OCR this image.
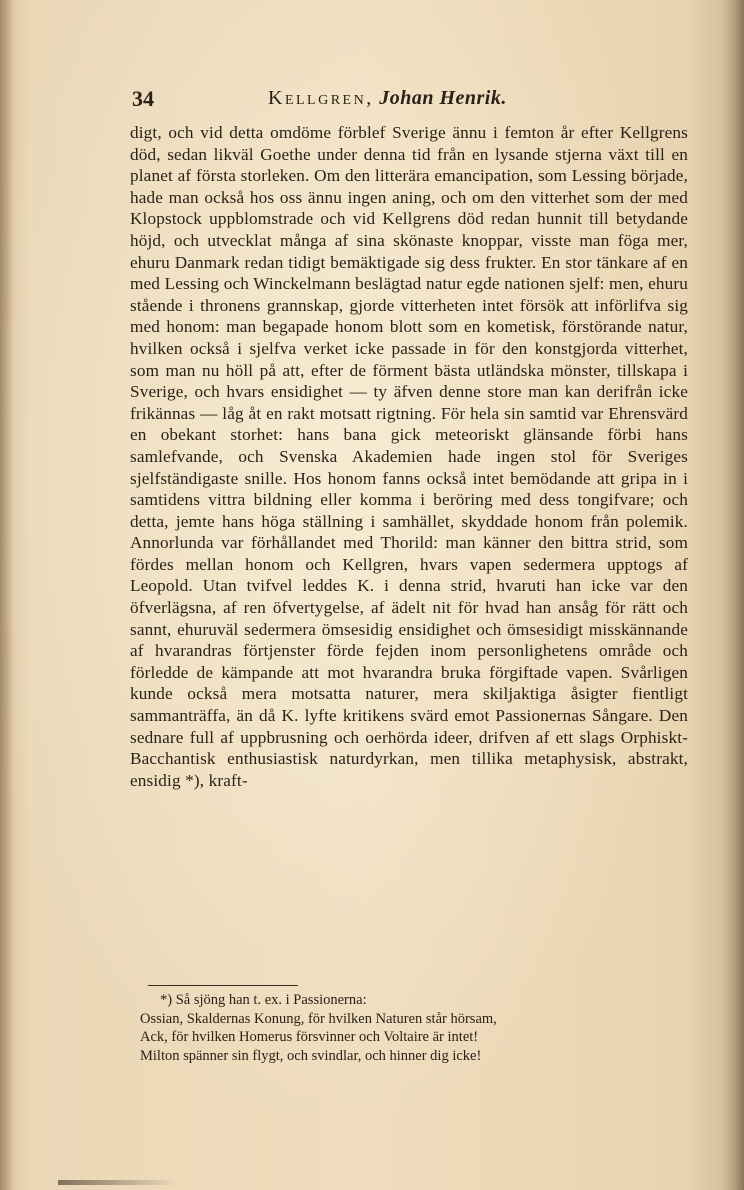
34	Kellgren, Johan Henrik.
digt, och vid detta omdöme förblef Sverige ännu i femton år efter Kellgrens död, sedan likväl Goethe under denna tid från en lysande stjerna växt till en planet af första storleken. Om den litterära emancipation, som Lessing började, hade man också hos oss ännu ingen aning, och om den vitterhet som der med Klopstock uppblomstrade och vid Kellgrens död redan hunnit till betydande höjd, och utvecklat många af sina skönaste knoppar, visste man föga mer, ehuru Danmark redan tidigt bemäktigade sig dess frukter. En stor tänkare af en med Lessing och Winckelmann beslägtad natur egde nationen sjelf: men, ehuru stående i thronens grannskap, gjorde vitterheten intet försök att införlifva sig med honom: man begapade honom blott som en kometisk, förstörande natur, hvilken också i sjelfva verket icke passade in för den konstgjorda vitterhet, som man nu höll på att, efter de förment bästa utländska mönster, tillskapa i Sverige, och hvars ensidighet — ty äfven denne store man kan derifrån icke frikännas — låg åt en rakt motsatt rigtning. För hela sin samtid var Ehrensvärd en obekant storhet: hans bana gick meteoriskt glänsande förbi hans samlefvande, och Svenska Akademien hade ingen stol för Sveriges sjelfständigaste snille. Hos honom fanns också intet bemödande att gripa in i samtidens vittra bildning eller komma i beröring med dess tongifvare; och detta, jemte hans höga ställning i samhället, skyddade honom från polemik. Annorlunda var förhållandet med Thorild: man känner den bittra strid, som fördes mellan honom och Kellgren, hvars vapen sedermera upptogs af Leopold. Utan tvifvel leddes K. i denna strid, hvaruti han icke var den öfverlägsna, af ren öfvertygelse, af ädelt nit för hvad han ansåg för rätt och sannt, ehuruväl sedermera ömsesidig ensidighet och ömsesidigt misskännande af hvarandras förtjenster förde fejden inom personlighetens område och förledde de kämpande att mot hvarandra bruka förgiftade vapen. Svårligen kunde också mera motsatta naturer, mera skiljaktiga åsigter fientligt sammanträffa, än då K. lyfte kritikens svärd emot Passionernas Sångare. Den sednare full af uppbrusning och oerhörda ideer, drifven af ett slags Orphiskt-Bacchantisk enthusiastisk naturdyrkan, men tillika metaphysisk, abstrakt, ensidig *), kraft-
*) Så sjöng han t. ex. i Passionerna:
Ossian, Skaldernas Konung, för hvilken Naturen står hörsam,
Ack, för hvilken Homerus försvinner och Voltaire är intet!
Milton spänner sin flygt, och svindlar, och hinner dig icke!
